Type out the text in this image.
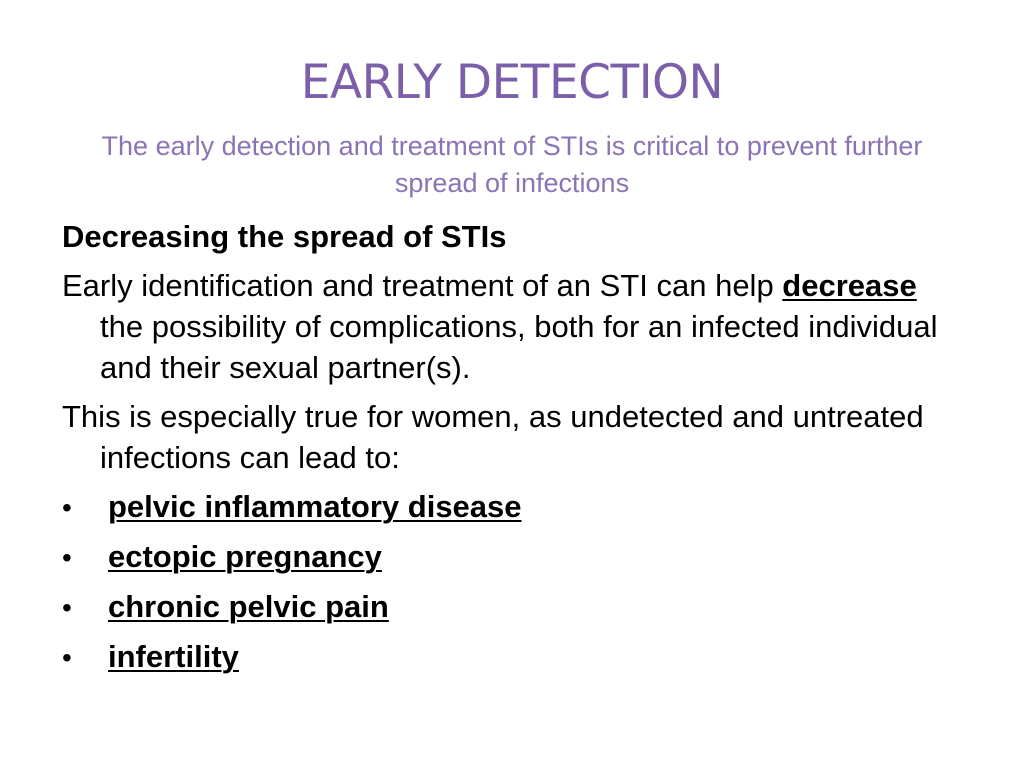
EARLY DETECTION
The early detection and treatment of STIs is critical to prevent further spread of infections
Decreasing the spread of STIs
Early identification and treatment of an STI can help decrease the possibility of complications, both for an infected individual and their sexual partner(s).
This is especially true for women, as undetected and untreated infections can lead to:
•	pelvic inflammatory disease
•	ectopic pregnancy
•	chronic pelvic pain
•	infertility
